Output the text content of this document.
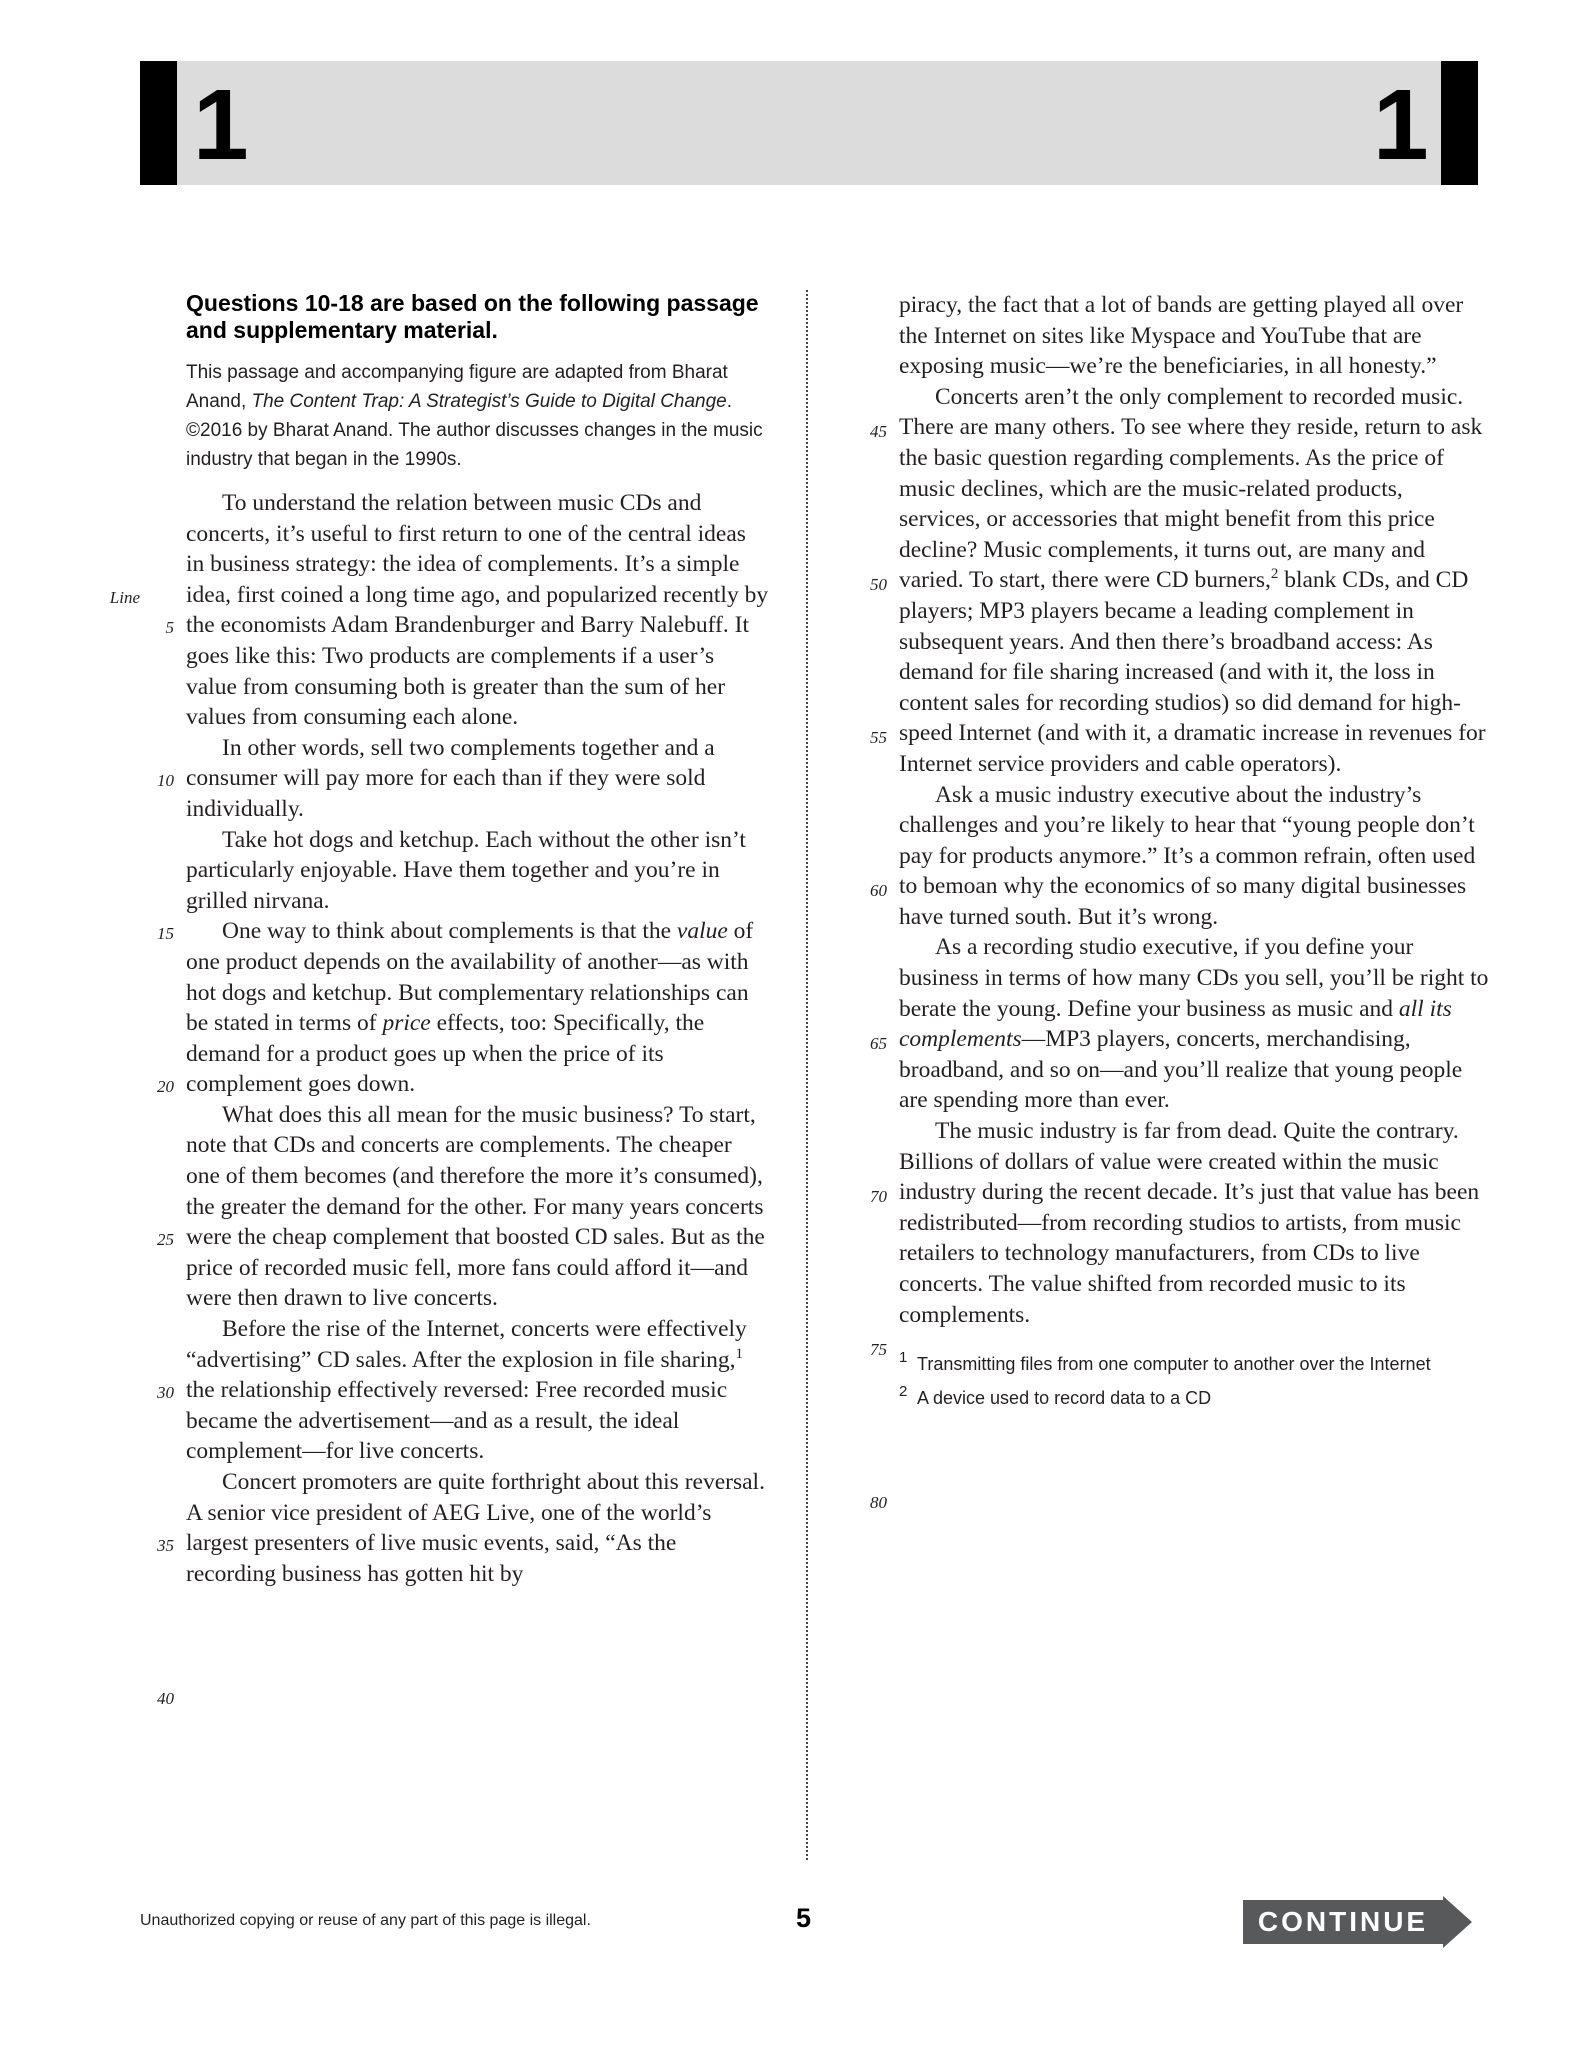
1	1
Line
5
10
15
20
25
30
35
40
45
50
55
60
65
70
75
80
Questions 10-18 are based on the following passage and supplementary material.
This passage and accompanying figure are adapted from Bharat Anand, The Content Trap: A Strategist’s Guide to Digital Change. ©2016 by Bharat Anand. The author discusses changes in the music industry that began in the 1990s.

To understand the relation between music CDs and concerts, it’s useful to first return to one of the central ideas in business strategy: the idea of complements. It’s a simple idea, first coined a long time ago, and popularized recently by the economists Adam Brandenburger and Barry Nalebuff. It goes like this: Two products are complements if a user’s value from consuming both is greater than the sum of her values from consuming each alone.

In other words, sell two complements together and a consumer will pay more for each than if they were sold individually.

Take hot dogs and ketchup. Each without the other isn’t particularly enjoyable. Have them together and you’re in grilled nirvana.

One way to think about complements is that the value of one product depends on the availability of another—as with hot dogs and ketchup. But complementary relationships can be stated in terms of price effects, too: Specifically, the demand for a product goes up when the price of its complement goes down.

What does this all mean for the music business? To start, note that CDs and concerts are complements. The cheaper one of them becomes (and therefore the more it’s consumed), the greater the demand for the other. For many years concerts were the cheap complement that boosted CD sales. But as the price of recorded music fell, more fans could afford it—and were then drawn to live concerts.

Before the rise of the Internet, concerts were effectively “advertising” CD sales. After the explosion in file sharing,$^1$ the relationship effectively reversed: Free recorded music became the advertisement—and as a result, the ideal complement—for live concerts.

Concert promoters are quite forthright about this reversal. A senior vice president of AEG Live, one of the world’s largest presenters of live music events, said, “As the recording business has gotten hit by

piracy, the fact that a lot of bands are getting played all over the Internet on sites like Myspace and YouTube that are exposing music—we’re the beneficiaries, in all honesty.”

Concerts aren’t the only complement to recorded music. There are many others. To see where they reside, return to ask the basic question regarding complements. As the price of music declines, which are the music-related products, services, or accessories that might benefit from this price decline? Music complements, it turns out, are many and varied. To start, there were CD burners,$^2$ blank CDs, and CD players; MP3 players became a leading complement in subsequent years. And then there’s broadband access: As demand for file sharing increased (and with it, the loss in content sales for recording studios) so did demand for high-speed Internet (and with it, a dramatic increase in revenues for Internet service providers and cable operators).

Ask a music industry executive about the industry’s challenges and you’re likely to hear that “young people don’t pay for products anymore.” It’s a common refrain, often used to bemoan why the economics of so many digital businesses have turned south. But it’s wrong.

As a recording studio executive, if you define your business in terms of how many CDs you sell, you’ll be right to berate the young. Define your business as music and all its complements—MP3 players, concerts, merchandising, broadband, and so on—and you’ll realize that young people are spending more than ever.

The music industry is far from dead. Quite the contrary. Billions of dollars of value were created within the music industry during the recent decade. It’s just that value has been redistributed—from recording studios to artists, from music retailers to technology manufacturers, from CDs to live concerts. The value shifted from recorded music to its complements.

1 Transmitting files from one computer to another over the Internet
2 A device used to record data to a CD
Unauthorized copying or reuse of any part of this page is illegal.	5	CONTINUE
